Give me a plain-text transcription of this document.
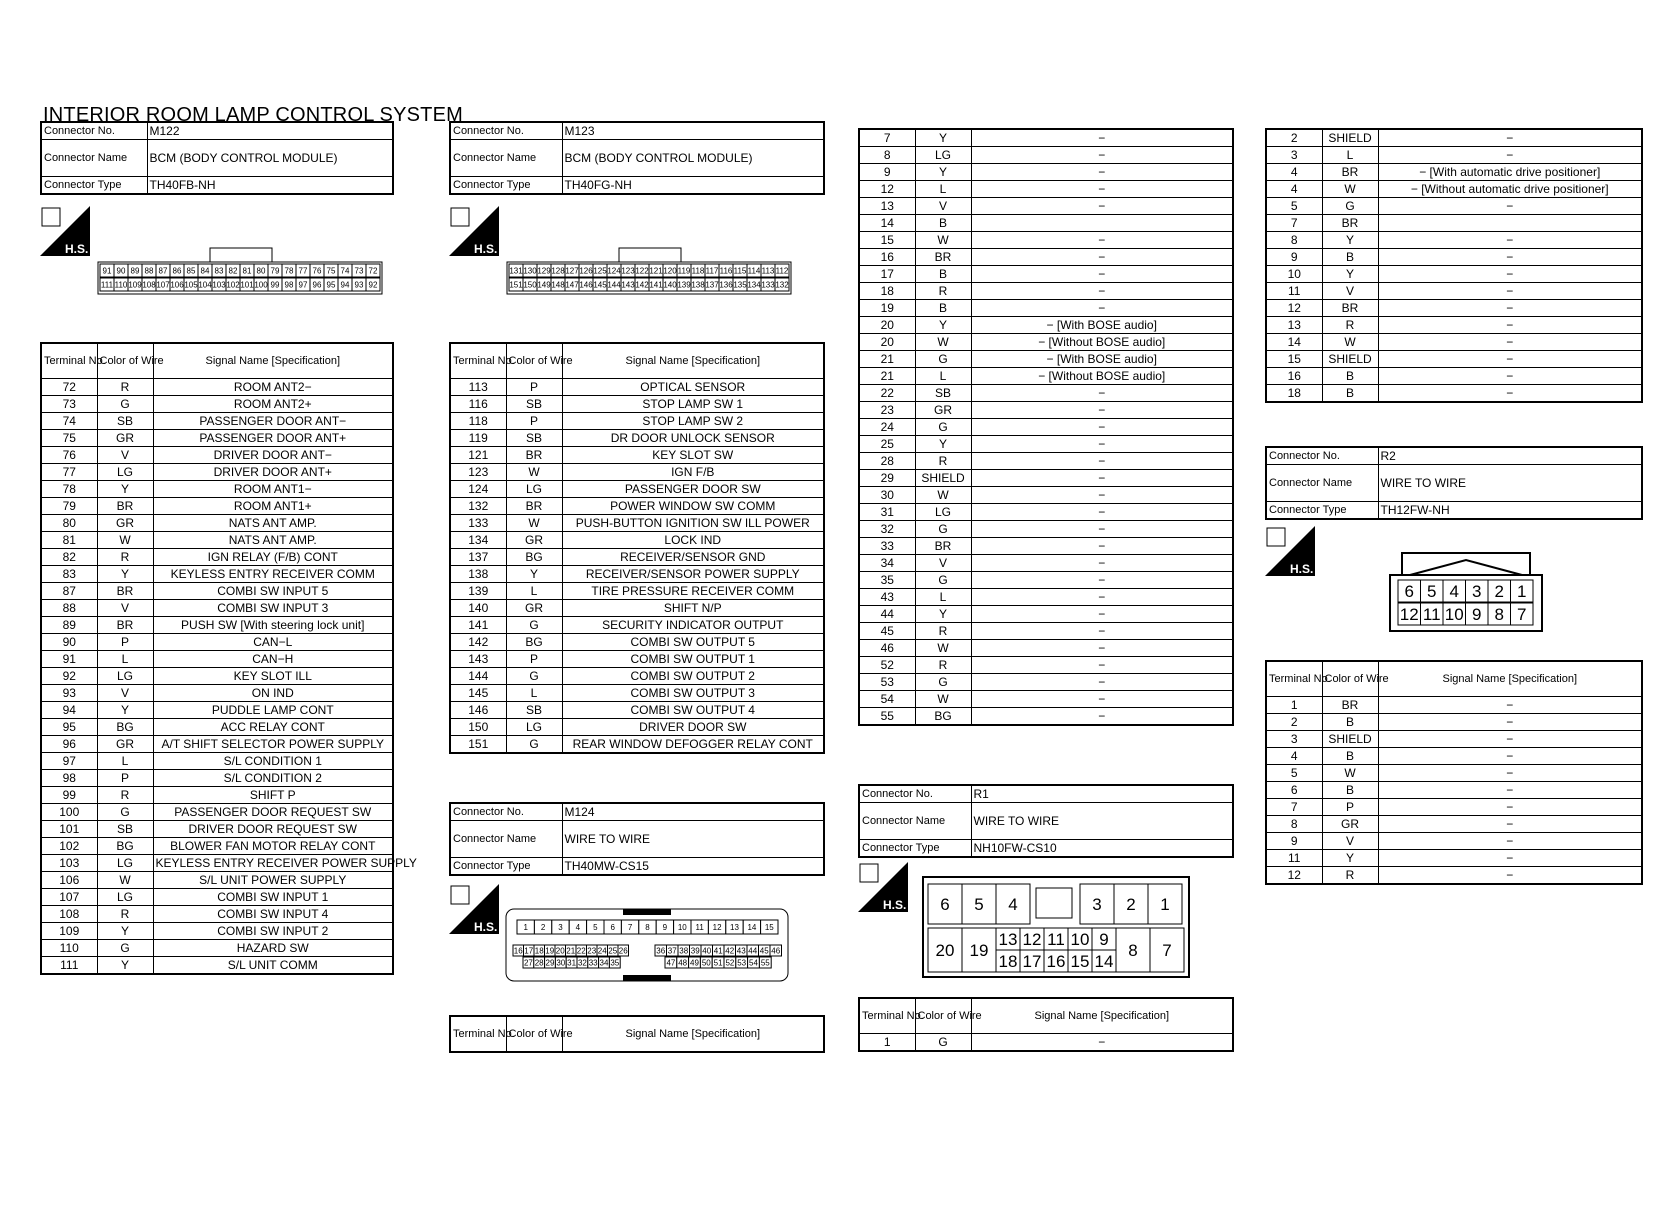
INTERIOR ROOM LAMP CONTROL SYSTEM
Connector No.	M122
Connector Name	BCM (BODY CONTROL MODULE)
Connector Type	TH40FB-NH
H.S.
91 90 89 88 87 86 85 84 83 82 81 80 79 78 77 76 75 74 73 72
111 110 109 108 107 106 105 104 103 102 101 100 99 98 97 96 95 94 93 92
Terminal No.	Color of Wire	Signal Name [Specification]
72	R	ROOM ANT2−
73	G	ROOM ANT2+
74	SB	PASSENGER DOOR ANT−
75	GR	PASSENGER DOOR ANT+
76	V	DRIVER DOOR ANT−
77	LG	DRIVER DOOR ANT+
78	Y	ROOM ANT1−
79	BR	ROOM ANT1+
80	GR	NATS ANT AMP.
81	W	NATS ANT AMP.
82	R	IGN RELAY (F/B) CONT
83	Y	KEYLESS ENTRY RECEIVER COMM
87	BR	COMBI SW INPUT 5
88	V	COMBI SW INPUT 3
89	BR	PUSH SW [With steering lock unit]
90	P	CAN−L
91	L	CAN−H
92	LG	KEY SLOT ILL
93	V	ON IND
94	Y	PUDDLE LAMP CONT
95	BG	ACC RELAY CONT
96	GR	A/T SHIFT SELECTOR POWER SUPPLY
97	L	S/L CONDITION 1
98	P	S/L CONDITION 2
99	R	SHIFT P
100	G	PASSENGER DOOR REQUEST SW
101	SB	DRIVER DOOR REQUEST SW
102	BG	BLOWER FAN MOTOR RELAY CONT
103	LG	KEYLESS ENTRY RECEIVER POWER SUPPLY
106	W	S/L UNIT POWER SUPPLY
107	LG	COMBI SW INPUT 1
108	R	COMBI SW INPUT 4
109	Y	COMBI SW INPUT 2
110	G	HAZARD SW
111	Y	S/L UNIT COMM
Connector No.	M123
Connector Name	BCM (BODY CONTROL MODULE)
Connector Type	TH40FG-NH
H.S.
131 130 129 128 127 126 125 124 123 122 121 120 119 118 117 116 115 114 113 112
151 150 149 148 147 146 145 144 143 142 141 140 139 138 137 136 135 134 133 132
Terminal No.	Color of Wire	Signal Name [Specification]
113	P	OPTICAL SENSOR
116	SB	STOP LAMP SW 1
118	P	STOP LAMP SW 2
119	SB	DR DOOR UNLOCK SENSOR
121	BR	KEY SLOT SW
123	W	IGN F/B
124	LG	PASSENGER DOOR SW
132	BR	POWER WINDOW SW COMM
133	W	PUSH-BUTTON IGNITION SW ILL POWER
134	GR	LOCK IND
137	BG	RECEIVER/SENSOR GND
138	Y	RECEIVER/SENSOR POWER SUPPLY
139	L	TIRE PRESSURE RECEIVER COMM
140	GR	SHIFT N/P
141	G	SECURITY INDICATOR OUTPUT
142	BG	COMBI SW OUTPUT 5
143	P	COMBI SW OUTPUT 1
144	G	COMBI SW OUTPUT 2
145	L	COMBI SW OUTPUT 3
146	SB	COMBI SW OUTPUT 4
150	LG	DRIVER DOOR SW
151	G	REAR WINDOW DEFOGGER RELAY CONT
Connector No.	M124
Connector Name	WIRE TO WIRE
Connector Type	TH40MW-CS15
H.S.	1 2 3 4 5 6 7 8 9 10 11 12 13 14 15
16 17 18 19 20 21 22 23 24 25 26	36 37 38 39 40 41 42 43 44 45 46
27 28 29 30 31 32 33 34 35	47 48 49 50 51 52 53 54 55
Terminal No.	Color of Wire	Signal Name [Specification]
7	Y	−
8	LG	−
9	Y	−
12	L	−
13	V	−
14	B	
15	W	−
16	BR	−
17	B	−
18	R	−
19	B	−
20	Y	− [With BOSE audio]
20	W	− [Without BOSE audio]
21	G	− [With BOSE audio]
21	L	− [Without BOSE audio]
22	SB	−
23	GR	−
24	G	−
25	Y	−
28	R	−
29	SHIELD	−
30	W	−
31	LG	−
32	G	−
33	BR	−
34	V	−
35	G	−
43	L	−
44	Y	−
45	R	−
46	W	−
52	R	−
53	G	−
54	W	−
55	BG	−
Connector No.	R1
Connector Name	WIRE TO WIRE
Connector Type	NH10FW-CS10
H.S. 6 5 4	3 2 1
20 19
13 12 11 10 9
18 17 16 15 14
8 7
Terminal No.	Color of Wire	Signal Name [Specification]
1	G	−
2	SHIELD	−
3	L	−
4	BR	− [With automatic drive positioner]
4	W	− [Without automatic drive positioner]
5	G	−
7	BR	
8	Y	−
9	B	−
10	Y	−
11	V	−
12	BR	−
13	R	−
14	W	−
15	SHIELD	−
16	B	−
18	B	−
Connector No.	R2
Connector Name	WIRE TO WIRE
Connector Type	TH12FW-NH
H.S.
6 5 4 3 2 1
12 11 10 9 8 7
Terminal No.	Color of Wire	Signal Name [Specification]
1	BR	−
2	B	−
3	SHIELD	−
4	B	−
5	W	−
6	B	−
7	P	−
8	GR	−
9	V	−
11	Y	−
12	R	−
